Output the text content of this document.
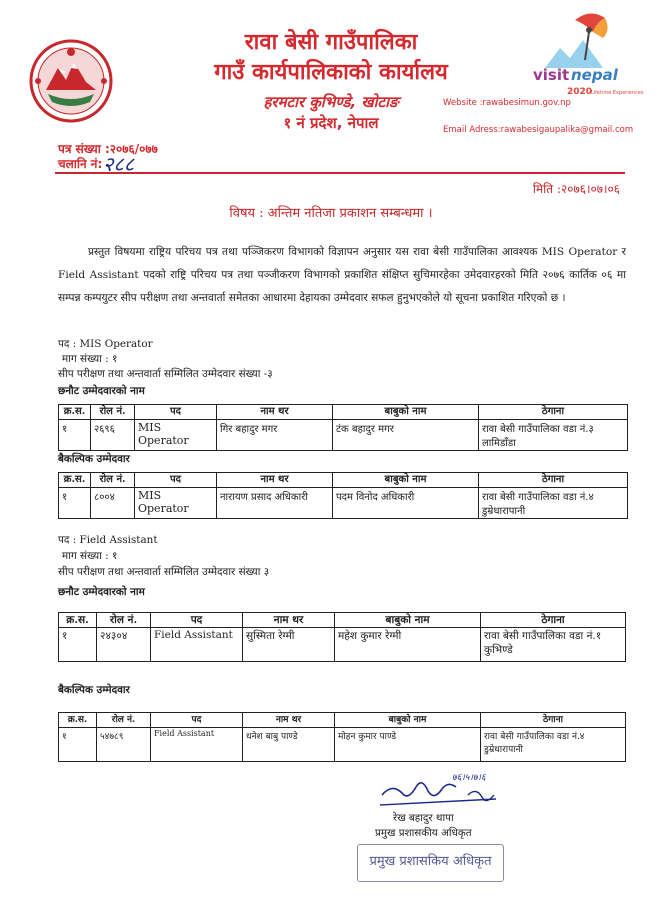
visit nepal
2020
Lifetime Experiences
रावा बेसी गाउँपालिका
गाउँ कार्यपालिकाको कार्यालय
हरमटार कुभिण्डे, खोटाङ
१ नं प्रदेश, नेपाल
Website :rawabesimun.gov.np
Email Adress:rawabesigaupalika@gmail.com
पत्र संख्या :२०७६/०७७
चलानि नं: २८८
मिति :२०७६।०७।०६
विषय : अन्तिम नतिजा प्रकाशन सम्बन्धमा ।
प्रस्तुत विषयमा राष्ट्रिय परिचय पत्र तथा पञ्जिकरण विभागको विज्ञापन अनुसार यस रावा बेसी गाउँपालिका आवश्यक MIS Operator र Field Assistant पदको राष्ट्रि परिचय पत्र तथा पञ्जीकरण विभागको प्रकाशित संक्षिप्त सुचिमारहेका उमेदवारहरको मिति २०७६ कार्तिक ०६ मा सम्पन्न कम्पयुटर सीप परीक्षण तथा अन्तवार्ता समेतका आधारमा देहायका उम्मेदवार सफल हुनुभएकोले यो सूचना प्रकाशित गरिएको छ ।
पद : MIS Operator
माग संख्या : १
सीप परीक्षण तथा अन्तवार्ता सम्मिलित उम्मेदवार संख्या -३
छनौट उम्मेदवारको नाम
क्र.स.	रोल नं.	पद	नाम थर	बाबुको नाम	ठेगाना
१	२६९६	MIS Operator	गिर बहादुर मगर	टंक बहादुर मगर	रावा बेसी गाउँपालिका वडा नं.३ लामिडाँडा
बैकल्पिक उम्मेदवार
क्र.स.	रोल नं.	पद	नाम थर	बाबुको नाम	ठेगाना
१	८००४	MIS Operator	नारायण प्रसाद अधिकारी	पदम विनोद अधिकारी	रावा बेसी गाउँपालिका वडा नं.४ डुम्रेधारापानी
पद : Field Assistant
माग संख्या : १
सीप परीक्षण तथा अन्तवार्ता सम्मिलित उम्मेदवार संख्या ३
छनौट उम्मेदवारको नाम
क्र.स.	रोल नं.	पद	नाम थर	बाबुको नाम	ठेगाना
१	२४३०४	Field Assistant	सुस्मिता रेग्मी	महेश कुमार रेग्मी	रावा बेसी गाउँपालिका वडा नं.१ कुभिण्डे
बैकल्पिक उम्मेदवार
क्र.स.	रोल नं.	पद	नाम थर	बाबुको नाम	ठेगाना
१	५४७८९	Field Assistant	धनेश बाबु पाण्डे	मोहन कुमार पाण्डे	रावा बेसी गाउँपालिका वडा नं.४ डुम्रेधारापानी
७६।५।७।६
रेख बहादुर थापा
प्रमुख प्रशासकीय अधिकृत
प्रमुख प्रशासकिय अधिकृत
